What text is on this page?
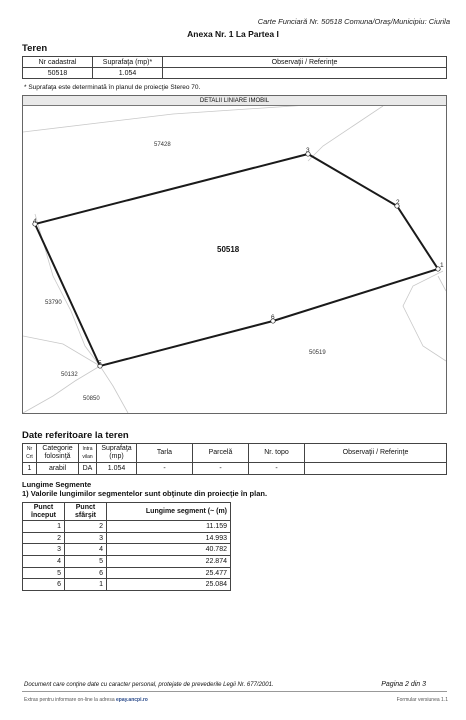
Carte Funciară Nr. 50518 Comuna/Oraş/Municipiu: Ciurila
Anexa Nr. 1 La Partea I
Teren
Nr cadastral	Suprafaţa (mp)*	Observaţii / Referinţe
50518	1.054	
* Suprafaţa este determinată în planul de proiecţie Stereo 70.
DETALII LINIARE IMOBIL
1
2
3
4
5
6
50518
57428
53790
50132
50850
50519
Date referitoare la teren
Nr Crt	Categorie folosinţă	Intra vilan	Suprafaţa (mp)	Tarla	Parcelă	Nr. topo	Observaţii / Referinţe
1	arabil	DA	1.054	-	-	-	
Lungime Segmente
1) Valorile lungimilor segmentelor sunt obţinute din proiecţie în plan.
Punct început	Punct sfârşit	Lungime segment (~ (m)
1	2	11.159
2	3	14.993
3	4	40.782
4	5	22.874
5	6	25.477
6	1	25.084
Document care conţine date cu caracter personal, protejate de prevederile Legii Nr. 677/2001.	Pagina 2 din 3
Extras pentru informare on-line la adresa epay.ancpi.ro	Formular versiunea 1.1
